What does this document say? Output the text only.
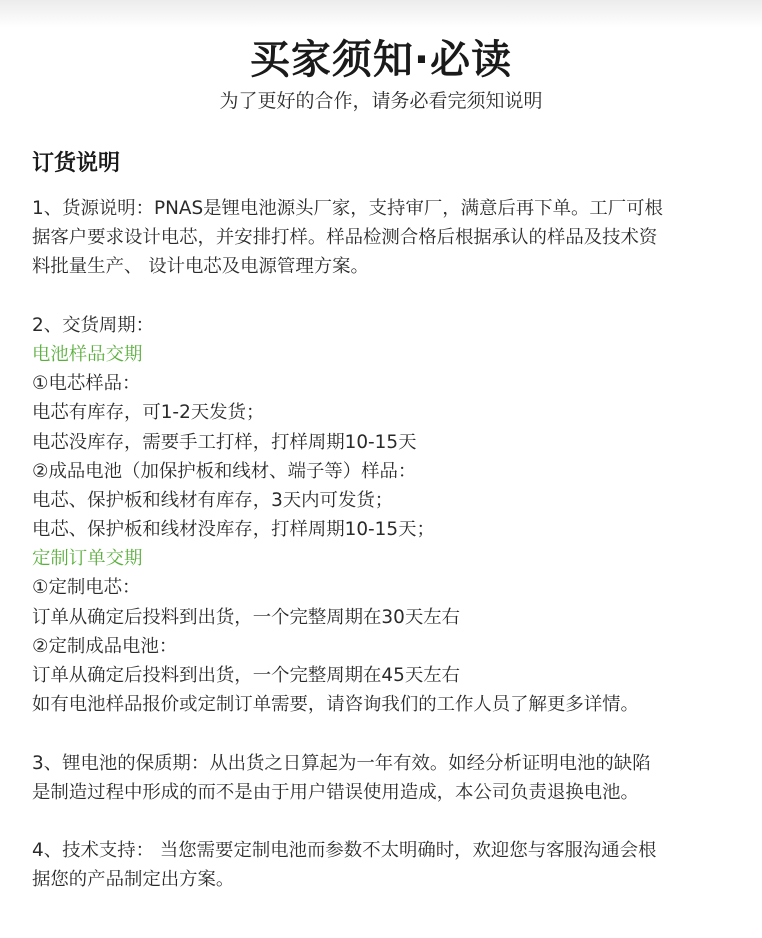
买家须知·必读
为了更好的合作，请务必看完须知说明
订货说明
1、货源说明：PNAS是锂电池源头厂家，支持审厂，满意后再下单。工厂可根
据客户要求设计电芯，并安排打样。样品检测合格后根据承认的样品及技术资
料批量生产、 设计电芯及电源管理方案。
2、交货周期：
电池样品交期
①电芯样品：
电芯有库存，可1-2天发货；
电芯没库存，需要手工打样，打样周期10-15天
②成品电池（加保护板和线材、端子等）样品：
电芯、保护板和线材有库存，3天内可发货；
电芯、保护板和线材没库存，打样周期10-15天；
定制订单交期
①定制电芯：
订单从确定后投料到出货，一个完整周期在30天左右
②定制成品电池：
订单从确定后投料到出货，一个完整周期在45天左右
如有电池样品报价或定制订单需要，请咨询我们的工作人员了解更多详情。
3、锂电池的保质期：从出货之日算起为一年有效。如经分析证明电池的缺陷
是制造过程中形成的而不是由于用户错误使用造成，本公司负责退换电池。
4、技术支持： 当您需要定制电池而参数不太明确时，欢迎您与客服沟通会根
据您的产品制定出方案。
